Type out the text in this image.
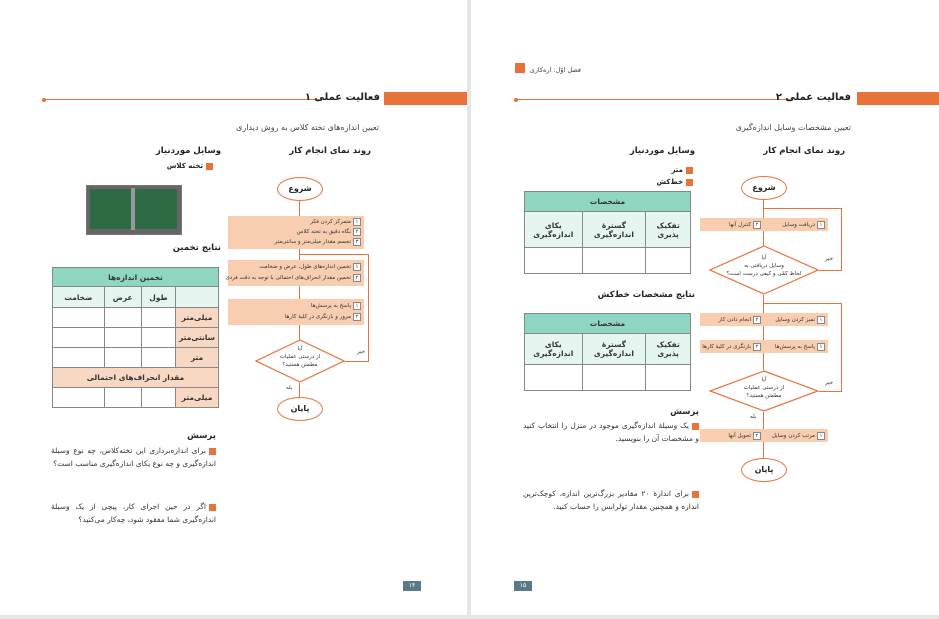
فعالیت عملی ۱
تعیین اندازه‌های تخته کلاس به روش دیداری
روند نمای انجام کار
وسایل موردنیاز
تخته کلاس
نتایج تخمین
تخمین اندازه‌ها			
	طول	عرض	ضخامت
میلی‌متر			
سانتی‌متر			
متر			
مقدار انحراف‌های احتمالی			
میلی‌متر			
پرسش
برای اندازه‌برداری این تخته‌کلاس، چه نوع وسیلهٔ اندازه‌گیری و چه نوع یکای اندازه‌گیری مناسب است؟
اگر در حین اجرای کار، پیچی از یک وسیلهٔ اندازه‌گیری شما مفقود شود، چه‌کار می‌کنید؟
شروع
۱متمرکز کردن فکر
۲نگاه دقیق به تخته کلاس
۳تجسم مقدار میلی‌متر و سانتی‌متر
۱تخمین اندازه‌های طول، عرض و ضخامت
۲تخمین مقدار انحراف‌های احتمالی با توجه به دقت فردی
۱پاسخ به پرسش‌ها
۲مرور و بازنگری در کلیهٔ کارها
آیا
از درستی عملیات
مطمئن هستید؟
خیر
بله
پایان
۱۴
فصل اوّل: اره‌کاری
فعالیت عملی ۲
تعیین مشخصات وسایل اندازه‌گیری
روند نمای انجام کار
وسایل موردنیاز
متر
خط‌کش
مشخصات		
تفکیک پذیری	گسترهٔ اندازه‌گیری	یکای اندازه‌گیری

نتایج مشخصات خط‌کش
مشخصات		
تفکیک پذیری	گسترهٔ اندازه‌گیری	یکای اندازه‌گیری

پرسش
یک وسیلهٔ اندازه‌گیری موجود در منزل را انتخاب کنید و مشخصات آن را بنویسید.
برای اندازهٔ ۲۰ مقادیر بزرگ‌ترین اندازه، کوچک‌ترین اندازه و همچنین مقدار تولرانس را حساب کنید.
شروع
۱دریافت وسایل
۲کنترل آنها
آیا
وسایل دریافتی به
لحاظ کمّی و کیفی درست است؟
خیر
۱تمیز کردن وسایل
۲انجام دادن کار
۱پاسخ به پرسش‌ها
۲بازنگری در کلیهٔ کارها
آیا
از درستی عملیات
مطمئن هستید؟
خیر
بله
۱مرتب کردن وسایل
۲تحویل آنها
پایان
۱۵
